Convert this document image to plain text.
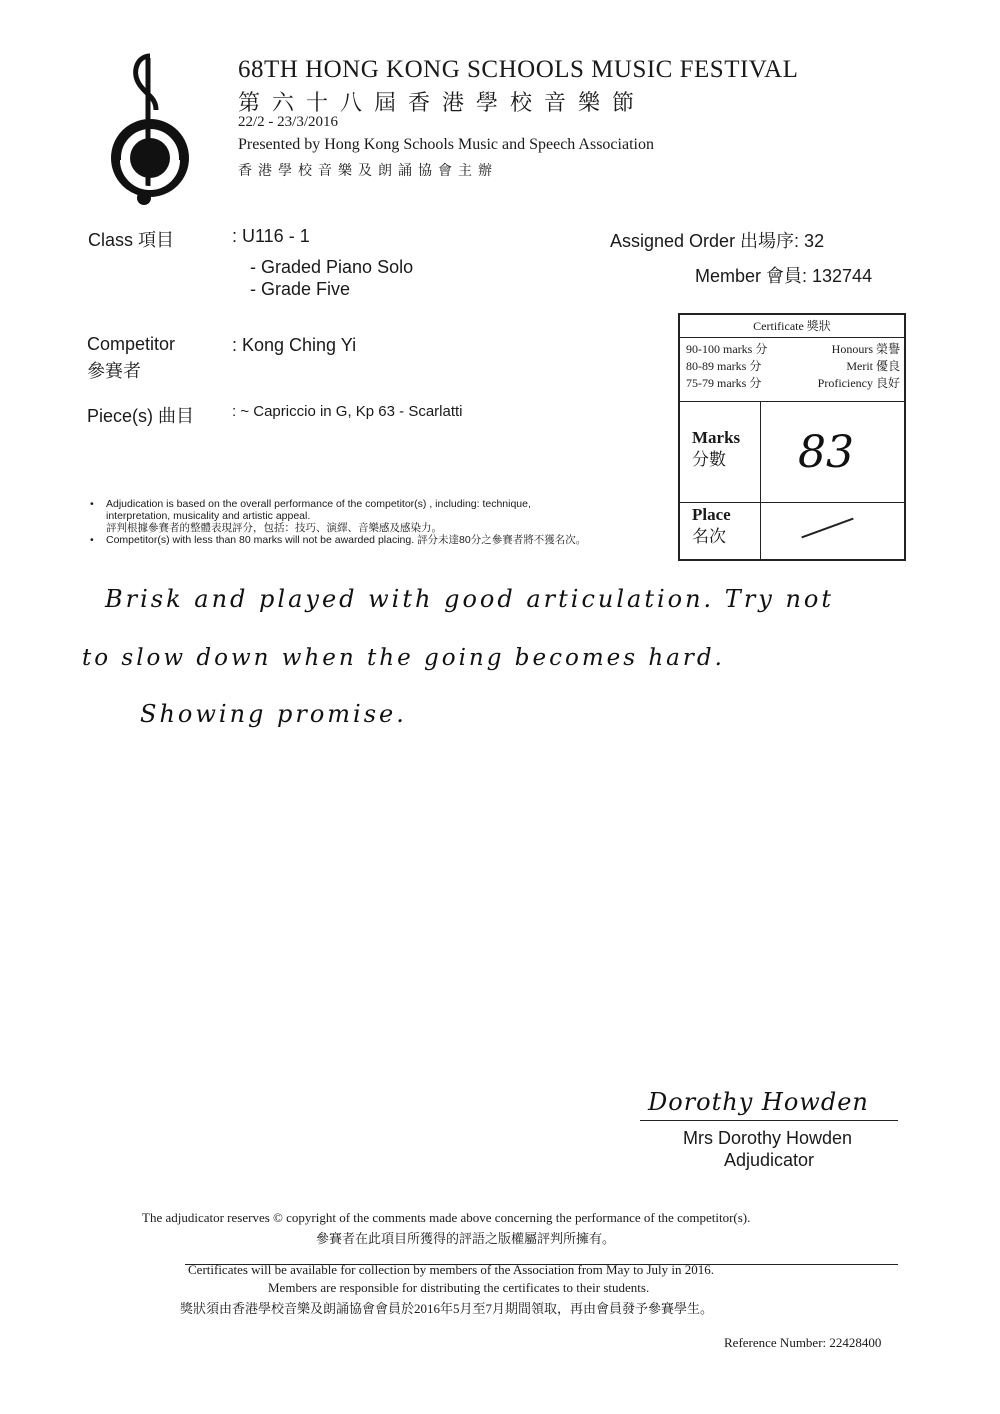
68TH HONG KONG SCHOOLS MUSIC FESTIVAL
第六十八屆香港學校音樂節
22/2 - 23/3/2016
Presented by Hong Kong Schools Music and Speech Association
香港學校音樂及朗誦協會主辦
Class 項目	: U116 - 1
- Graded Piano Solo
- Grade Five
Assigned Order 出場序: 32
Member 會員: 132744
Competitor
參賽者
: Kong Ching Yi
Piece(s) 曲目	: ~ Capriccio in G, Kp 63 - Scarlatti
Certificate 獎狀
90-100 marks 分	Honours 榮譽
80-89 marks 分	Merit 優良
75-79 marks 分	Proficiency 良好
Marks
分數	83
Place
名次
• Adjudication is based on the overall performance of the competitor(s) , including: technique,
interpretation, musicality and artistic appeal.
評判根據參賽者的整體表現評分，包括：技巧、演繹、音樂感及感染力。
• Competitor(s) with less than 80 marks will not be awarded placing. 評分未達80分之參賽者將不獲名次。
Brisk and played with good articulation. Try not
to slow down when the going becomes hard.
Showing promise.
Dorothy Howden
Mrs Dorothy Howden
Adjudicator
The adjudicator reserves © copyright of the comments made above concerning the performance of the competitor(s).
參賽者在此項目所獲得的評語之版權屬評判所擁有。
Certificates will be available for collection by members of the Association from May to July in 2016.
Members are responsible for distributing the certificates to their students.
獎狀須由香港學校音樂及朗誦協會會員於2016年5月至7月期間領取，再由會員發予參賽學生。
Reference Number: 22428400
